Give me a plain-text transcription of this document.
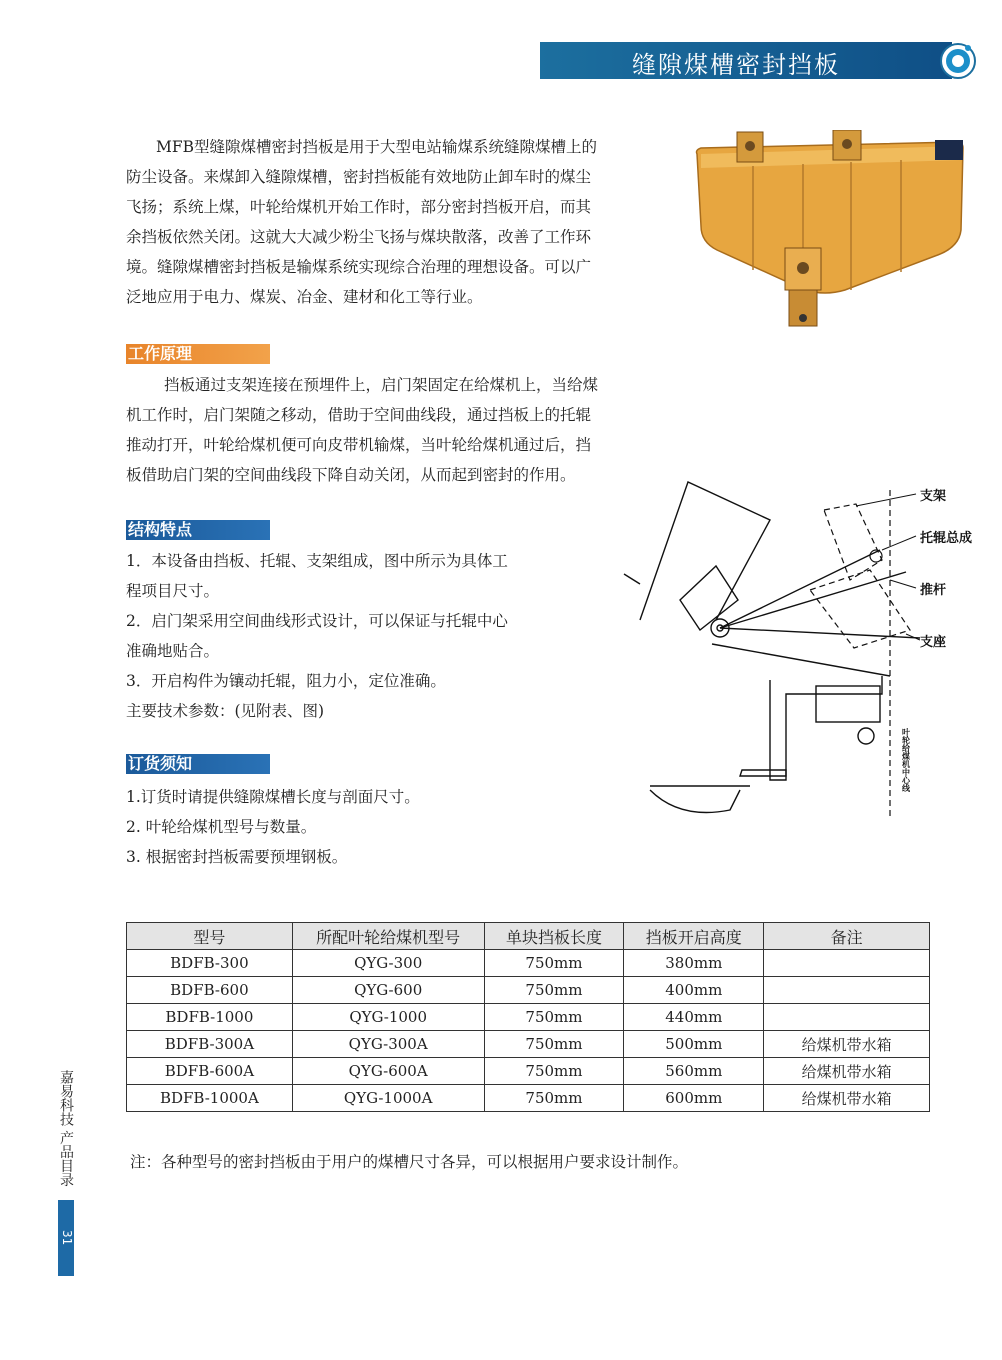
缝隙煤槽密封挡板

MFB型缝隙煤槽密封挡板是用于大型电站输煤系统缝隙煤槽上的

防尘设备。来煤卸入缝隙煤槽，密封挡板能有效地防止卸车时的煤尘

飞扬；系统上煤，叶轮给煤机开始工作时，部分密封挡板开启，而其

余挡板依然关闭。这就大大减少粉尘飞扬与煤块散落，改善了工作环

境。缝隙煤槽密封挡板是输煤系统实现综合治理的理想设备。可以广

泛地应用于电力、煤炭、冶金、建材和化工等行业。

工作原理

挡板通过支架连接在预埋件上，启门架固定在给煤机上，当给煤

机工作时，启门架随之移动，借助于空间曲线段，通过挡板上的托辊

推动打开，叶轮给煤机便可向皮带机输煤，当叶轮给煤机通过后，挡

板借助启门架的空间曲线段下降自动关闭，从而起到密封的作用。

结构特点

1．本设备由挡板、托辊、支架组成，图中所示为具体工

程项目尺寸。

2．启门架采用空间曲线形式设计，可以保证与托辊中心

准确地贴合。

3．开启构件为镶动托辊，阻力小，定位准确。

主要技术参数：(见附表、图)

订货须知

1.订货时请提供缝隙煤槽长度与剖面尺寸。

2. 叶轮给煤机型号与数量。

3. 根据密封挡板需要预埋钢板。

支架
托辊总成
推杆
支座
叶轮给煤机中心线
型号	所配叶轮给煤机型号	单块挡板长度	挡板开启高度	备注
BDFB-300	QYG-300	750mm	380mm	
BDFB-600	QYG-600	750mm	400mm	
BDFB-1000	QYG-1000	750mm	440mm	
BDFB-300A	QYG-300A	750mm	500mm	给煤机带水箱
BDFB-600A	QYG-600A	750mm	560mm	给煤机带水箱
BDFB-1000A	QYG-1000A	750mm	600mm	给煤机带水箱
注：各种型号的密封挡板由于用户的煤槽尺寸各异，可以根据用户要求设计制作。
嘉易科技 产品目录
31
